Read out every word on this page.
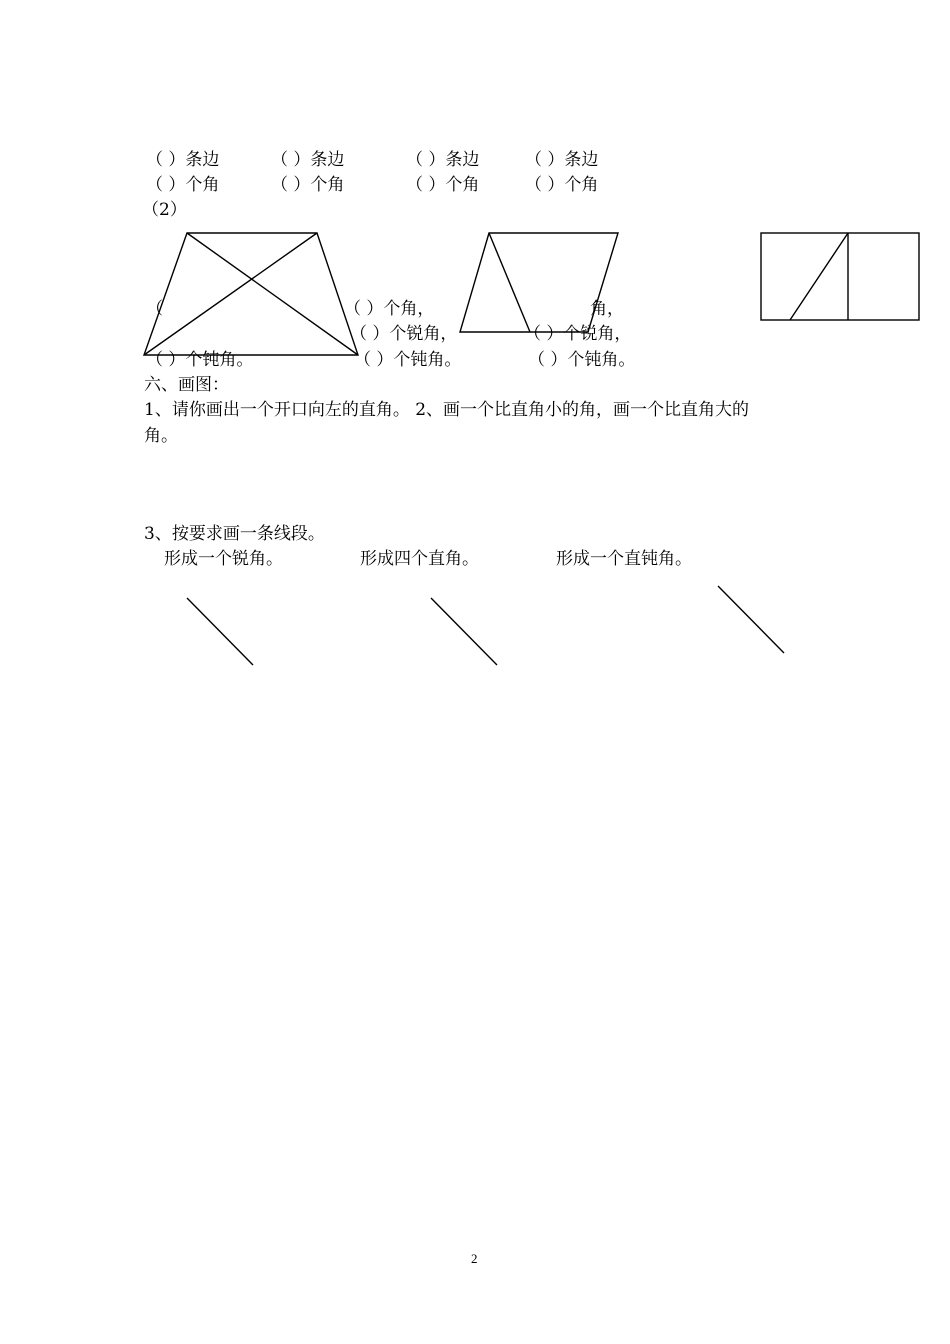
（ ）条边	（ ）条边	（ ）条边	（ ）条边
（ ）个角	（ ）个角	（ ）个角	（ ）个角
（2）
（
（ ）个钝角。
（ ）个角，
（ ）个锐角，
（ ）个钝角。
角，
（ ）个锐角，
（ ）个钝角。
六、画图：
1、请你画出一个开口向左的直角。 2、画一个比直角小的角，画一个比直角大的
角。
3、按要求画一条线段。
形成一个锐角。	形成四个直角。	形成一个直钝角。
2
